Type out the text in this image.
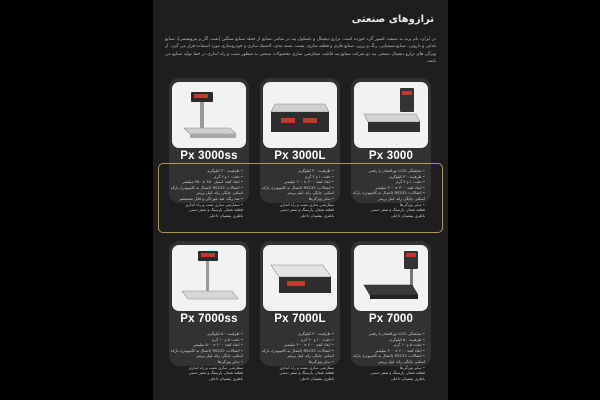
ترازوهای صنعتی
در ایران، نام برند به صنعت کشور گره خورده است. ترازو دیجیتال و باسکول پند در تمامی صنایع از جمله صنایع سنگین (نفت، گاز و پتروشیمی)، صنایع غذایی و دارویی، صنایع شیمیایی، رنگ و رزین، صنایع فلزی و قطعه سازی، پست، بسته بندی، لاستیک سازی و خودروسازی مورد استفاده قرار می گیرد. از ویژگی های ترازو دیجیتال صنعتی پند دو شرکت صنایع پند قابلیت سفارشی سازی محصولات صنعتی به منظور نصب و راه اندازی در خط تولید صنایع می باشد.
Px 3000ss
• ظرفیت: ۳۰ کیلوگرم
• دقت: ۱ و ۲ گرم
• ابعاد کفه: استیل ۴۵۰ × ۳۵۰ میلیمتر
• اتصالات: RS232 (اتصال به کامپیوتر)، بارکد
اسکنر، چاپگر، رله، لیبل پرینتر
• ضد زنگ، ضد خوردگی و قابل شستشو
• سفارشی سازی نصب و راه اندازی
قطعه شمار، پارسنگ و صفر دستی
باطری پشتیبان داخلی
Px 3000L
• ظرفیت: ۳۰ کیلوگرم
• دقت: ۱ و ۲ گرم
• ابعاد کفه: ۳۰۰ × ۲۰۰ میلیمتر
• اتصالات: RS232 (اتصال به کامپیوتر)، بارکد
اسکنر، چاپگر، رله، لیبل پرینتر
• سایر ویژگی‌ها
سفارشی سازی نصب و راه اندازی
قطعه شمار، پارسنگ و صفر دستی
باطری پشتیبان داخلی
Px 3000
• نمایشگر: LCD نورافشان یا رقمی
• ظرفیت: ۳۰ کیلوگرم
• دقت: ۱ و ۲ گرم
• ابعاد کفه: ۳۰۰ × ۳۰۰ میلیمتر
• اتصالات: RS232 (اتصال به کامپیوتر)، بارکد
اسکنر، چاپگر، رله، لیبل پرینتر
• سایر ویژگی‌ها
قطعه شمار، پارسنگ و صفر دستی
باطری پشتیبان داخلی
Px 7000ss
• ظرفیت: ۵۰ کیلوگرم
• دقت: ۵ و ۱۰ گرم
• ابعاد کفه: ۴۰۰ × ۵۰۰ میلیمتر
• اتصالات: RS232 (اتصال به کامپیوتر)، بارکد
اسکنر، چاپگر، رله، لیبل پرینتر
• سایر ویژگی‌ها
سفارشی سازی نصب و راه اندازی
قطعه شمار، پارسنگ و صفر دستی
باطری پشتیبان داخلی
Px 7000L
• ظرفیت: ۷۰ کیلوگرم
• دقت: ۱۰ و ۲۰ گرم
• ابعاد کفه: ۴۰۰ × ۴۰۰ میلیمتر
• اتصالات: RS232 (اتصال به کامپیوتر)، بارکد
اسکنر، چاپگر، رله، لیبل پرینتر
• سایر ویژگی‌ها
سفارشی سازی نصب و راه اندازی
قطعه شمار، پارسنگ و صفر دستی
باطری پشتیبان داخلی
Px 7000
• نمایشگر: LCD نورافشان یا رقمی
• ظرفیت: ۵۰ کیلوگرم
• دقت: ۵ و ۱۰ گرم
• ابعاد کفه: ۴۰۰ × ۴۰۰ میلیمتر
• اتصالات: RS232 (اتصال به کامپیوتر)، بارکد
اسکنر، چاپگر، رله، لیبل پرینتر
• سایر ویژگی‌ها
قطعه شمار، پارسنگ و صفر دستی
باطری پشتیبان داخلی
